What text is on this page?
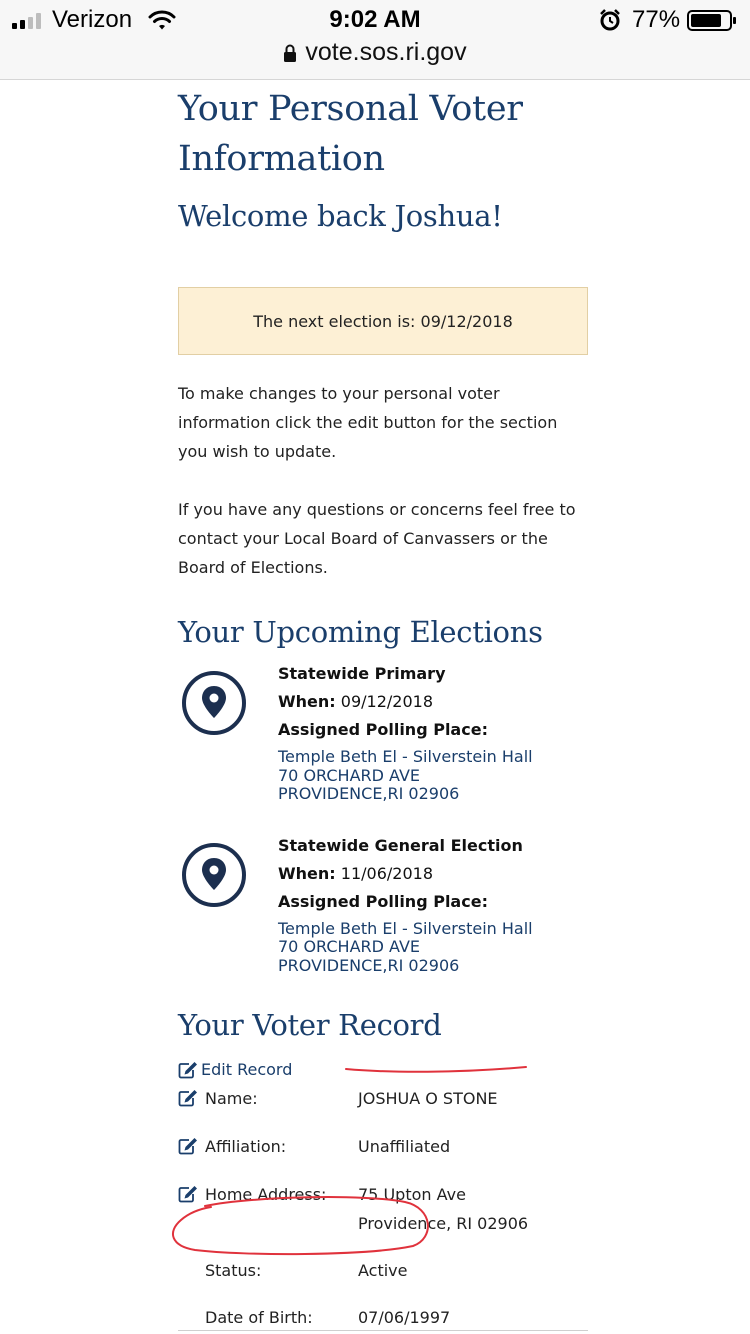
Verizon	9:02 AM	77%
vote.sos.ri.gov
Your Personal Voter Information
Welcome back Joshua!
The next election is: 09/12/2018

To make changes to your personal voter information click the edit button for the section you wish to update.

If you have any questions or concerns feel free to contact your Local Board of Canvassers or the Board of Elections.

Your Upcoming Elections
Statewide Primary
When: 09/12/2018
Assigned Polling Place:
Temple Beth El - Silverstein Hall
70 ORCHARD AVE
PROVIDENCE,RI 02906
Statewide General Election
When: 11/06/2018
Assigned Polling Place:
Temple Beth El - Silverstein Hall
70 ORCHARD AVE
PROVIDENCE,RI 02906
Your Voter Record
Edit Record
Name:	JOSHUA O STONE
Affiliation:	Unaffiliated
Home Address: 75 Upton Ave
Providence, RI 02906
Status:	Active
Date of Birth:	07/06/1997
